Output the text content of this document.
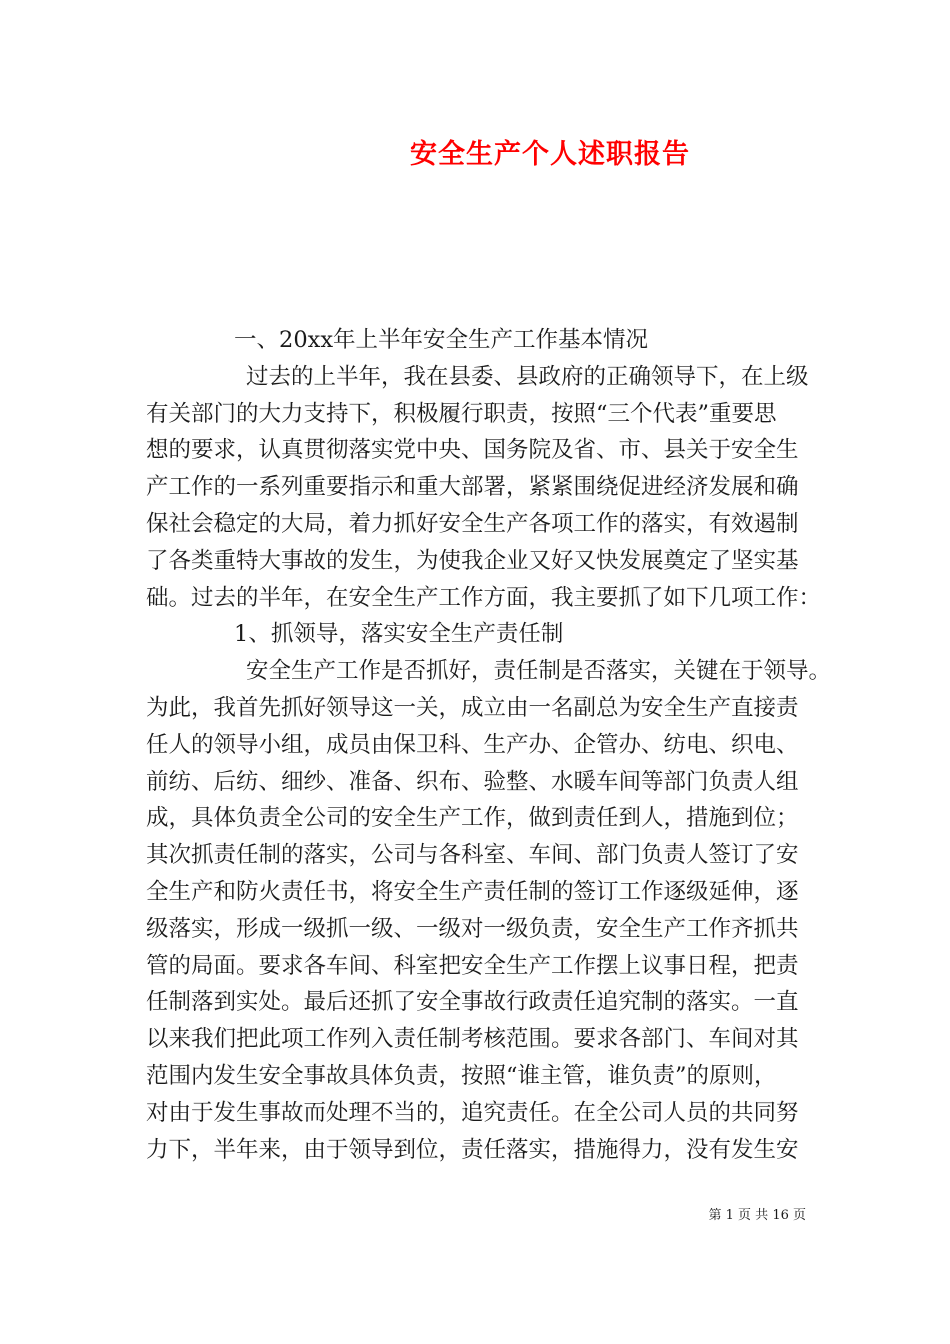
安全生产个人述职报告
一、20xx年上半年安全生产工作基本情况
过去的上半年，我在县委、县政府的正确领导下，在上级
有关部门的大力支持下，积极履行职责，按照“三个代表”重要思
想的要求，认真贯彻落实党中央、国务院及省、市、县关于安全生
产工作的一系列重要指示和重大部署，紧紧围绕促进经济发展和确
保社会稳定的大局，着力抓好安全生产各项工作的落实，有效遏制
了各类重特大事故的发生，为使我企业又好又快发展奠定了坚实基
础。过去的半年，在安全生产工作方面，我主要抓了如下几项工作：
1、抓领导，落实安全生产责任制
安全生产工作是否抓好，责任制是否落实，关键在于领导。
为此，我首先抓好领导这一关，成立由一名副总为安全生产直接责
任人的领导小组，成员由保卫科、生产办、企管办、纺电、织电、
前纺、后纺、细纱、准备、织布、验整、水暖车间等部门负责人组
成，具体负责全公司的安全生产工作，做到责任到人，措施到位；
其次抓责任制的落实，公司与各科室、车间、部门负责人签订了安
全生产和防火责任书，将安全生产责任制的签订工作逐级延伸，逐
级落实，形成一级抓一级、一级对一级负责，安全生产工作齐抓共
管的局面。要求各车间、科室把安全生产工作摆上议事日程，把责
任制落到实处。最后还抓了安全事故行政责任追究制的落实。一直
以来我们把此项工作列入责任制考核范围。要求各部门、车间对其
范围内发生安全事故具体负责，按照“谁主管，谁负责”的原则，
对由于发生事故而处理不当的，追究责任。在全公司人员的共同努
力下，半年来，由于领导到位，责任落实，措施得力，没有发生安
第 1 页 共 16 页
